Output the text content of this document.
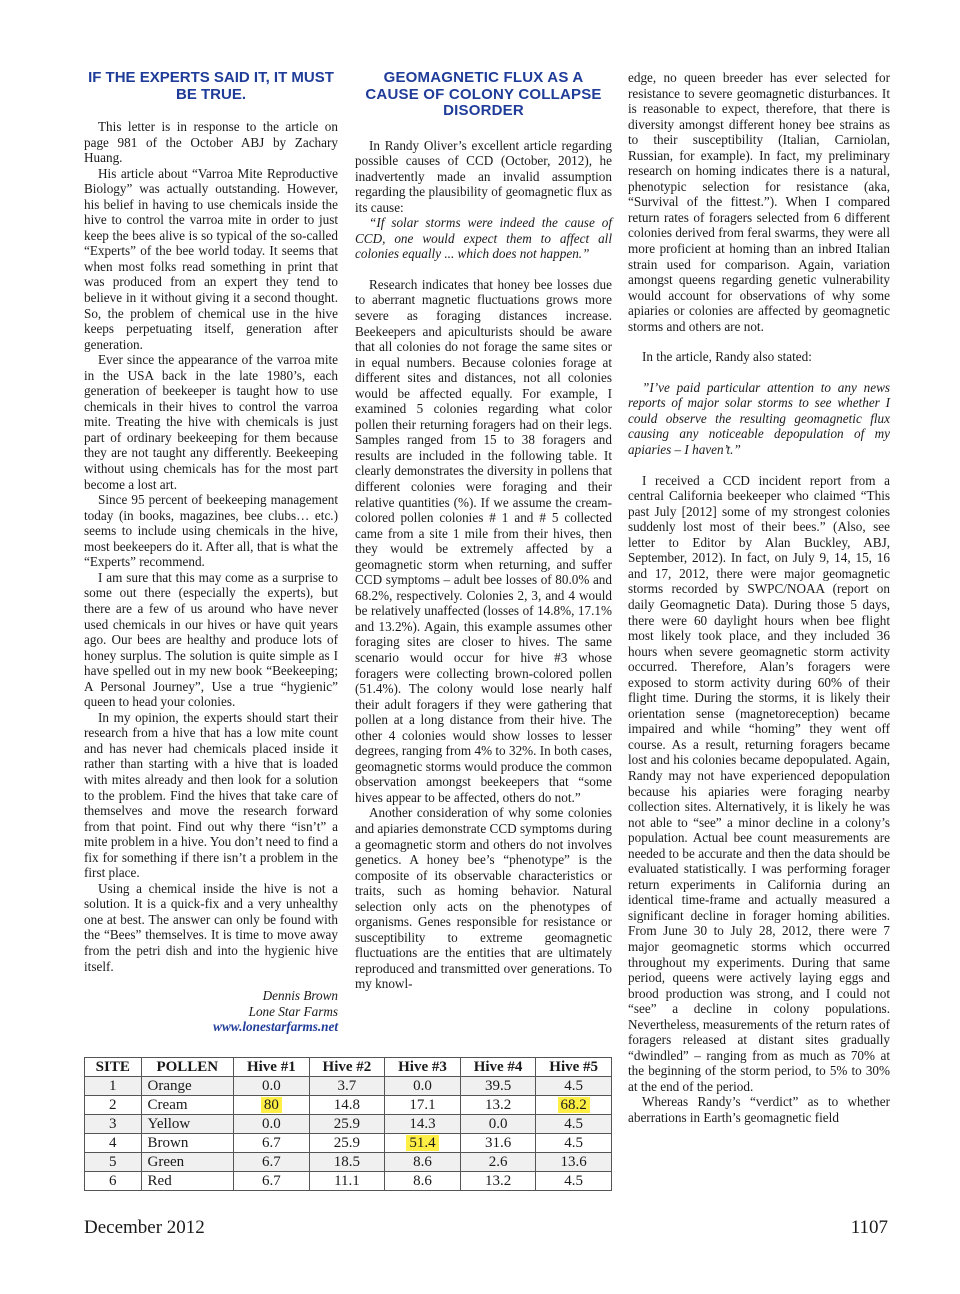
IF THE EXPERTS SAID IT, IT MUST BE TRUE.

This letter is in response to the article on page 981 of the October ABJ by Zachary Huang.

His article about “Varroa Mite Reproductive Biology” was actually outstanding. However, his belief in having to use chemicals inside the hive to control the varroa mite in order to just keep the bees alive is so typical of the so-called “Experts” of the bee world today. It seems that when most folks read something in print that was produced from an expert they tend to believe in it without giving it a second thought. So, the problem of chemical use in the hive keeps perpetuating itself, generation after generation.

Ever since the appearance of the varroa mite in the USA back in the late 1980’s, each generation of beekeeper is taught how to use chemicals in their hives to control the varroa mite. Treating the hive with chemicals is just part of ordinary beekeeping for them because they are not taught any differently. Beekeeping without using chemicals has for the most part become a lost art.

Since 95 percent of beekeeping management today (in books, magazines, bee clubs… etc.) seems to include using chemicals in the hive, most beekeepers do it. After all, that is what the “Experts” recommend.

I am sure that this may come as a surprise to some out there (especially the experts), but there are a few of us around who have never used chemicals in our hives or have quit years ago. Our bees are healthy and produce lots of honey surplus. The solution is quite simple as I have spelled out in my new book “Beekeeping; A Personal Journey”, Use a true “hygienic” queen to head your colonies.

In my opinion, the experts should start their research from a hive that has a low mite count and has never had chemicals placed inside it rather than starting with a hive that is loaded with mites already and then look for a solution to the problem. Find the hives that take care of themselves and move the research forward from that point. Find out why there “isn’t” a mite problem in a hive. You don’t need to find a fix for something if there isn’t a problem in the first place.

Using a chemical inside the hive is not a solution. It is a quick-fix and a very unhealthy one at best. The answer can only be found with the “Bees” themselves. It is time to move away from the petri dish and into the hygienic hive itself.

Dennis Brown
Lone Star Farms
www.lonestarfarms.net
GEOMAGNETIC FLUX AS A CAUSE OF COLONY COLLAPSE DISORDER

In Randy Oliver’s excellent article regarding possible causes of CCD (October, 2012), he inadvertently made an invalid assumption regarding the plausibility of geomagnetic flux as its cause:

“If solar storms were indeed the cause of CCD, one would expect them to affect all colonies equally ... which does not happen.”

Research indicates that honey bee losses due to aberrant magnetic fluctuations grows more severe as foraging distances increase. Beekeepers and apiculturists should be aware that all colonies do not forage the same sites or in equal numbers. Because colonies forage at different sites and distances, not all colonies would be affected equally. For example, I examined 5 colonies regarding what color pollen their returning foragers had on their legs. Samples ranged from 15 to 38 foragers and results are included in the following table. It clearly demonstrates the diversity in pollens that different colonies were foraging and their relative quantities (%). If we assume the cream-colored pollen colonies # 1 and # 5 collected came from a site 1 mile from their hives, then they would be extremely affected by a geomagnetic storm when returning, and suffer CCD symptoms – adult bee losses of 80.0% and 68.2%, respectively. Colonies 2, 3, and 4 would be relatively unaffected (losses of 14.8%, 17.1% and 13.2%). Again, this example assumes other foraging sites are closer to hives. The same scenario would occur for hive #3 whose foragers were collecting brown-colored pollen (51.4%). The colony would lose nearly half their adult foragers if they were gathering that pollen at a long distance from their hive. The other 4 colonies would show losses to lesser degrees, ranging from 4% to 32%. In both cases, geomagnetic storms would produce the common observation amongst beekeepers that “some hives appear to be affected, others do not.”

Another consideration of why some colonies and apiaries demonstrate CCD symptoms during a geomagnetic storm and others do not involves genetics. A honey bee’s “phenotype” is the composite of its observable characteristics or traits, such as homing behavior. Natural selection only acts on the phenotypes of organisms. Genes responsible for resistance or susceptibility to extreme geomagnetic fluctuations are the entities that are ultimately reproduced and transmitted over generations. To my knowl-

edge, no queen breeder has ever selected for resistance to severe geomagnetic disturbances. It is reasonable to expect, therefore, that there is diversity amongst different honey bee strains as to their susceptibility (Italian, Carniolan, Russian, for example). In fact, my preliminary research on homing indicates there is a natural, phenotypic selection for resistance (aka, “Survival of the fittest.”). When I compared return rates of foragers selected from 6 different colonies derived from feral swarms, they were all more proficient at homing than an inbred Italian strain used for comparison. Again, variation amongst queens regarding genetic vulnerability would account for observations of why some apiaries or colonies are affected by geomagnetic storms and others are not.

In the article, Randy also stated:

”I’ve paid particular attention to any news reports of major solar storms to see whether I could observe the resulting geomagnetic flux causing any noticeable depopulation of my apiaries – I haven’t.”

I received a CCD incident report from a central California beekeeper who claimed “This past July [2012] some of my strongest colonies suddenly lost most of their bees.” (Also, see letter to Editor by Alan Buckley, ABJ, September, 2012). In fact, on July 9, 14, 15, 16 and 17, 2012, there were major geomagnetic storms recorded by SWPC/NOAA (report on daily Geomagnetic Data). During those 5 days, there were 60 daylight hours when bee flight most likely took place, and they included 36 hours when severe geomagnetic storm activity occurred. Therefore, Alan’s foragers were exposed to storm activity during 60% of their flight time. During the storms, it is likely their orientation sense (magnetoreception) became impaired and while “homing” they went off course. As a result, returning foragers became lost and his colonies became depopulated. Again, Randy may not have experienced depopulation because his apiaries were foraging nearby collection sites. Alternatively, it is likely he was not able to “see” a minor decline in a colony’s population. Actual bee count measurements are needed to be accurate and then the data should be evaluated statistically. I was performing forager return experiments in California during an identical time-frame and actually measured a significant decline in forager homing abilities. From June 30 to July 28, 2012, there were 7 major geomagnetic storms which occurred throughout my experiments. During that same period, queens were actively laying eggs and brood production was strong, and I could not “see” a decline in colony populations. Nevertheless, measurements of the return rates of foragers released at distant sites gradually “dwindled” – ranging from as much as 70% at the beginning of the storm period, to 5% to 30% at the end of the period.

Whereas Randy’s “verdict” as to whether aberrations in Earth’s geomagnetic field

SITE	POLLEN	Hive #1	Hive #2	Hive #3	Hive #4	Hive #5
1	Orange	0.0	3.7	0.0	39.5	4.5
2	Cream	80	14.8	17.1	13.2	68.2
3	Yellow	0.0	25.9	14.3	0.0	4.5
4	Brown	6.7	25.9	51.4	31.6	4.5
5	Green	6.7	18.5	8.6	2.6	13.6
6	Red	6.7	11.1	8.6	13.2	4.5
December 2012	1107
